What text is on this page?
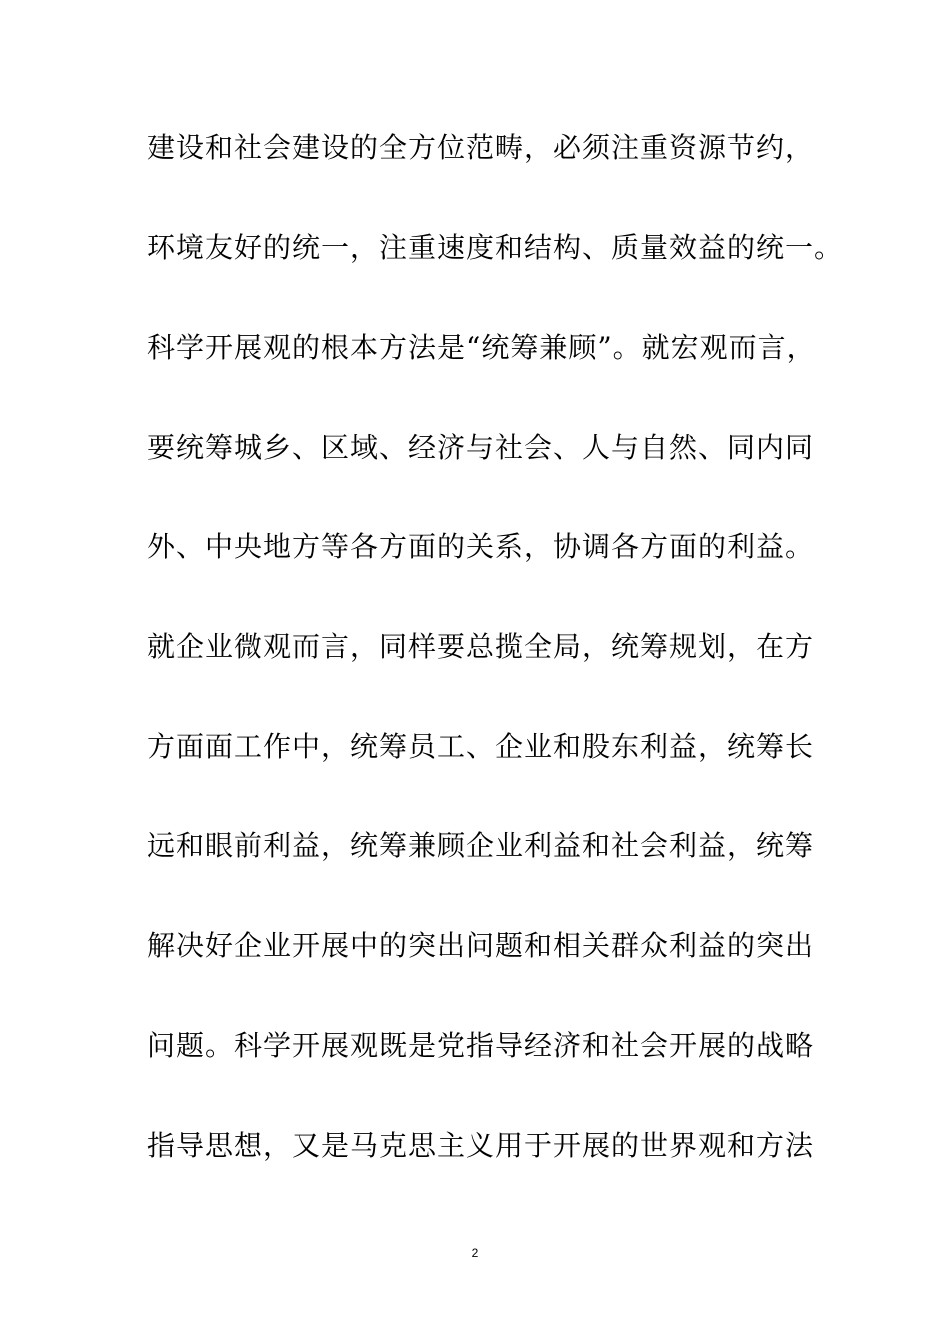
建设和社会建设的全方位范畴，必须注重资源节约，
环境友好的统一，注重速度和结构、质量效益的统一。
科学开展观的根本方法是“统筹兼顾”。就宏观而言，
要统筹城乡、区域、经济与社会、人与自然、同内同
外、中央地方等各方面的关系，协调各方面的利益。
就企业微观而言，同样要总揽全局，统筹规划，在方
方面面工作中，统筹员工、企业和股东利益，统筹长
远和眼前利益，统筹兼顾企业利益和社会利益，统筹
解决好企业开展中的突出问题和相关群众利益的突出
问题。科学开展观既是党指导经济和社会开展的战略
指导思想，又是马克思主义用于开展的世界观和方法
2
